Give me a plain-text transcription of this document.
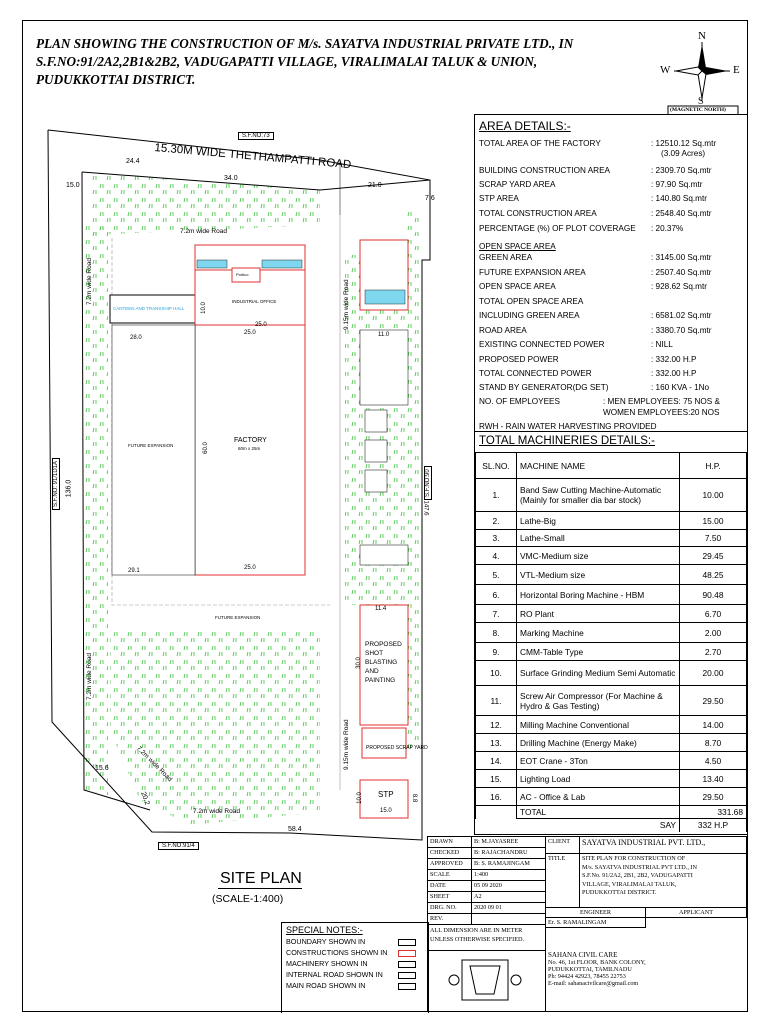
PLAN SHOWING THE CONSTRUCTION OF M/s. SAYATVA INDUSTRIAL PRIVATE LTD., IN
S.F.NO:91/2A2,2B1&2B2, VADUGAPATTI VILLAGE, VIRALIMALAI TALUK & UNION,
PUDUKKOTTAI DISTRICT.
N
S
W	E
(MAGNETIC NORTH)
S.F.NO:73
15.30M WIDE THETHAMPATTI ROAD
7.2m wide Road
7.2m wide Road
7.2m wide Road
9.15m wide Road
9.15m wide Road
7.2m wide Road
7.2m wide Road
CANTEEN AND TRANSSHIP HALL
INDUSTRIAL OFFICE
Portico
FACTORY
60m x 25m
FUTURE EXPANSION
FUTURE EXPANSION
PROPOSED SHOT BLASTING AND PAINTING
PROPOSED SCRAP YARD
STP
S.F.NO: 91/1D1A	S.F.NO:90
S.F.NO:91/4
24.4
34.0
21.0
15.0
7.6
28.0
25.0
25.0
60.0
29.1	25.0
136.0
147.6
11.4
30.0
15.6
20.2
58.4
15.0
10.0	8.8
11.0
10.0
SITE PLAN
(SCALE-1:400)
SPECIAL NOTES:-
BOUNDARY SHOWN IN
CONSTRUCTIONS SHOWN IN
MACHINERY SHOWN IN
INTERNAL ROAD SHOWN IN
MAIN ROAD SHOWN IN
AREA DETAILS:-
TOTAL AREA OF THE FACTORY	: 12510.12 Sq.mtr
(3.09 Acres)
BUILDING CONSTRUCTION AREA	: 2309.70 Sq.mtr
SCRAP YARD AREA	: 97.90 Sq.mtr
STP AREA	: 140.80 Sq.mtr
TOTAL CONSTRUCTION AREA	: 2548.40 Sq.mtr
PERCENTAGE (%) OF PLOT COVERAGE : 20.37%
OPEN SPACE AREA
GREEN AREA	: 3145.00 Sq.mtr
FUTURE EXPANSION AREA	: 2507.40 Sq.mtr
OPEN SPACE AREA	: 928.62 Sq.mtr
TOTAL OPEN SPACE AREA
INCLUDING GREEN AREA	: 6581.02 Sq.mtr
ROAD AREA	: 3380.70 Sq.mtr
EXISTING CONNECTED POWER	: NILL
PROPOSED POWER	: 332.00 H.P
TOTAL CONNECTED POWER	: 332.00 H.P
STAND BY GENERATOR(DG SET)	: 160 KVA - 1No
NO. OF EMPLOYEES	: MEN EMPLOYEES: 75 NOS &
WOMEN EMPLOYEES:20 NOS
RWH - RAIN WATER HARVESTING PROVIDED
TOTAL MACHINERIES DETAILS:-
SL.NO.	MACHINE NAME	H.P.
1.	Band Saw Cutting Machine-Automatic (Mainly for smaller dia bar stock)	10.00
2.	Lathe-Big	15.00
3.	Lathe-Small	7.50
4.	VMC-Medium size	29.45
5.	VTL-Medium size	48.25
6.	Horizontal Boring Machine - HBM	90.48
7.	RO Plant	6.70
8.	Marking Machine	2.00
9.	CMM-Table Type	2.70
10.	Surface Grinding Medium Semi Automatic	20.00
11.	Screw Air Compressor (For Machine & Hydro & Gas Testing)	29.50
12.	Milling Machine Conventional	14.00
13.	Drilling Machine (Energy Make)	8.70
14.	EOT Crane - 3Ton	4.50
15.	Lighting Load	13.40
16.	AC - Office & Lab	29.50
	TOTAL	331.68
	SAY	332 H.P
DRAWN	B: M.JAYASREE
CHECKED	B: RAJACHANDRU
APPROVED	B: S. RAMAJINGAM
SCALE	1:400
DATE	05 09 2020
SHEET	A2
DRG. NO.	2020 09 01
REV.
CLIENT	SAYATVA INDUSTRIAL PVT. LTD.,
TITLE	SITE PLAN FOR CONSTRUCTION OF
M/s. SAYATVA INDUSTRIAL PVT LTD., IN
S.F.No. 91/2A2, 2B1, 2B2, VADUGAPATTI
VILLAGE, VIRALIMALAI TALUK,
PUDUKKOTTAI DISTRICT.
ENGINEER	APPLICANT
Er. S. RAMALINGAM
ALL DIMENSION ARE IN METER
UNLESS OTHERWISE SPECIFIED.
SAHANA CIVIL CARE
No. 46, 1st FLOOR, BANK COLONY,
PUDUKKOTTAI, TAMILNADU
Ph: 94424 42923, 78455 22753
E-mail: sahanacivilcare@gmail.com
